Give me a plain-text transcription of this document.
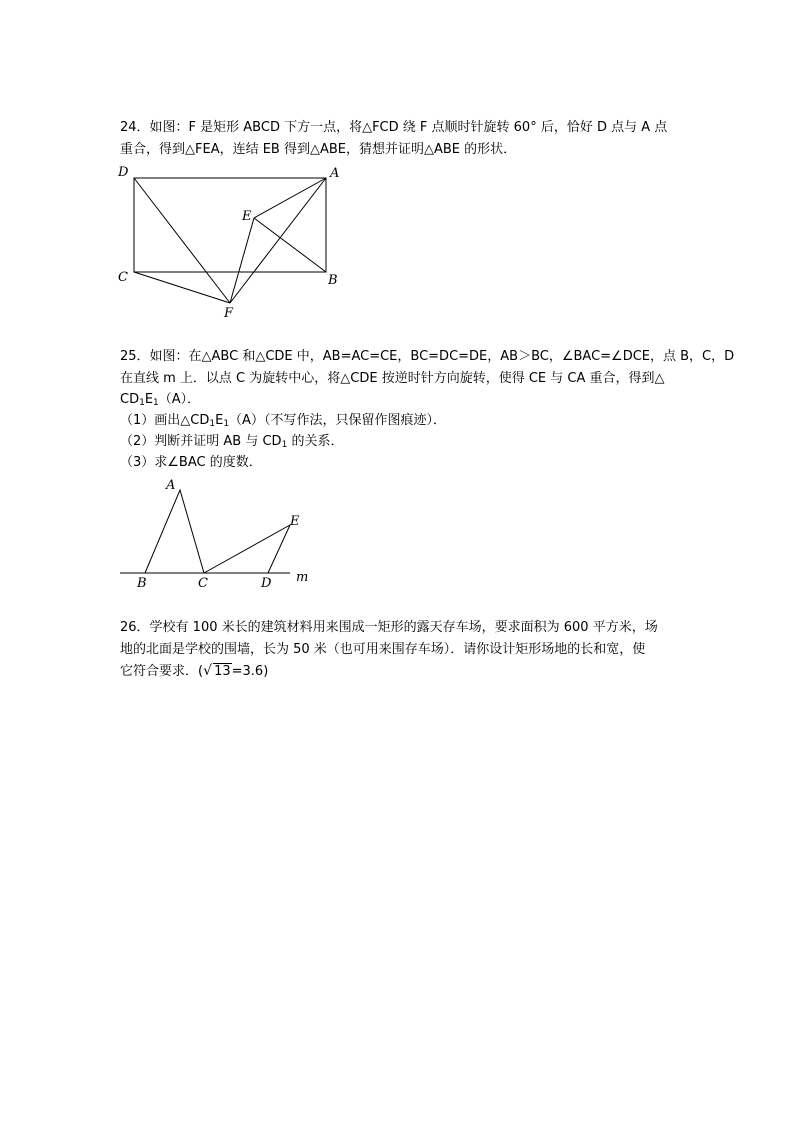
24．如图：F 是矩形 ABCD 下方一点，将△FCD 绕 F 点顺时针旋转 60° 后，恰好 D 点与 A 点
重合，得到△FEA，连结 EB 得到△ABE，猜想并证明△ABE 的形状．
D	A
E
C	B
F
25．如图：在△ABC 和△CDE 中，AB=AC=CE，BC=DC=DE，AB＞BC，∠BAC=∠DCE，点 B，C，D
在直线 m 上．以点 C 为旋转中心，将△CDE 按逆时针方向旋转，使得 CE 与 CA 重合，得到△
$CD_1E_1(A)$．
（1）画出$\triangle CD_1E_1(A)$（不写作法，只保留作图痕迹）．
（2）判断并证明 AB 与 $CD_1$ 的关系．
（3）求∠BAC 的度数．
A
E
B	C	D m
26．学校有 100 米长的建筑材料用来围成一矩形的露天存车场，要求面积为 600 平方米，场
地的北面是学校的围墙，长为 50 米（也可用来围存车场）．请你设计矩形场地的长和宽，使
它符合要求．( √ 13=3.6)
